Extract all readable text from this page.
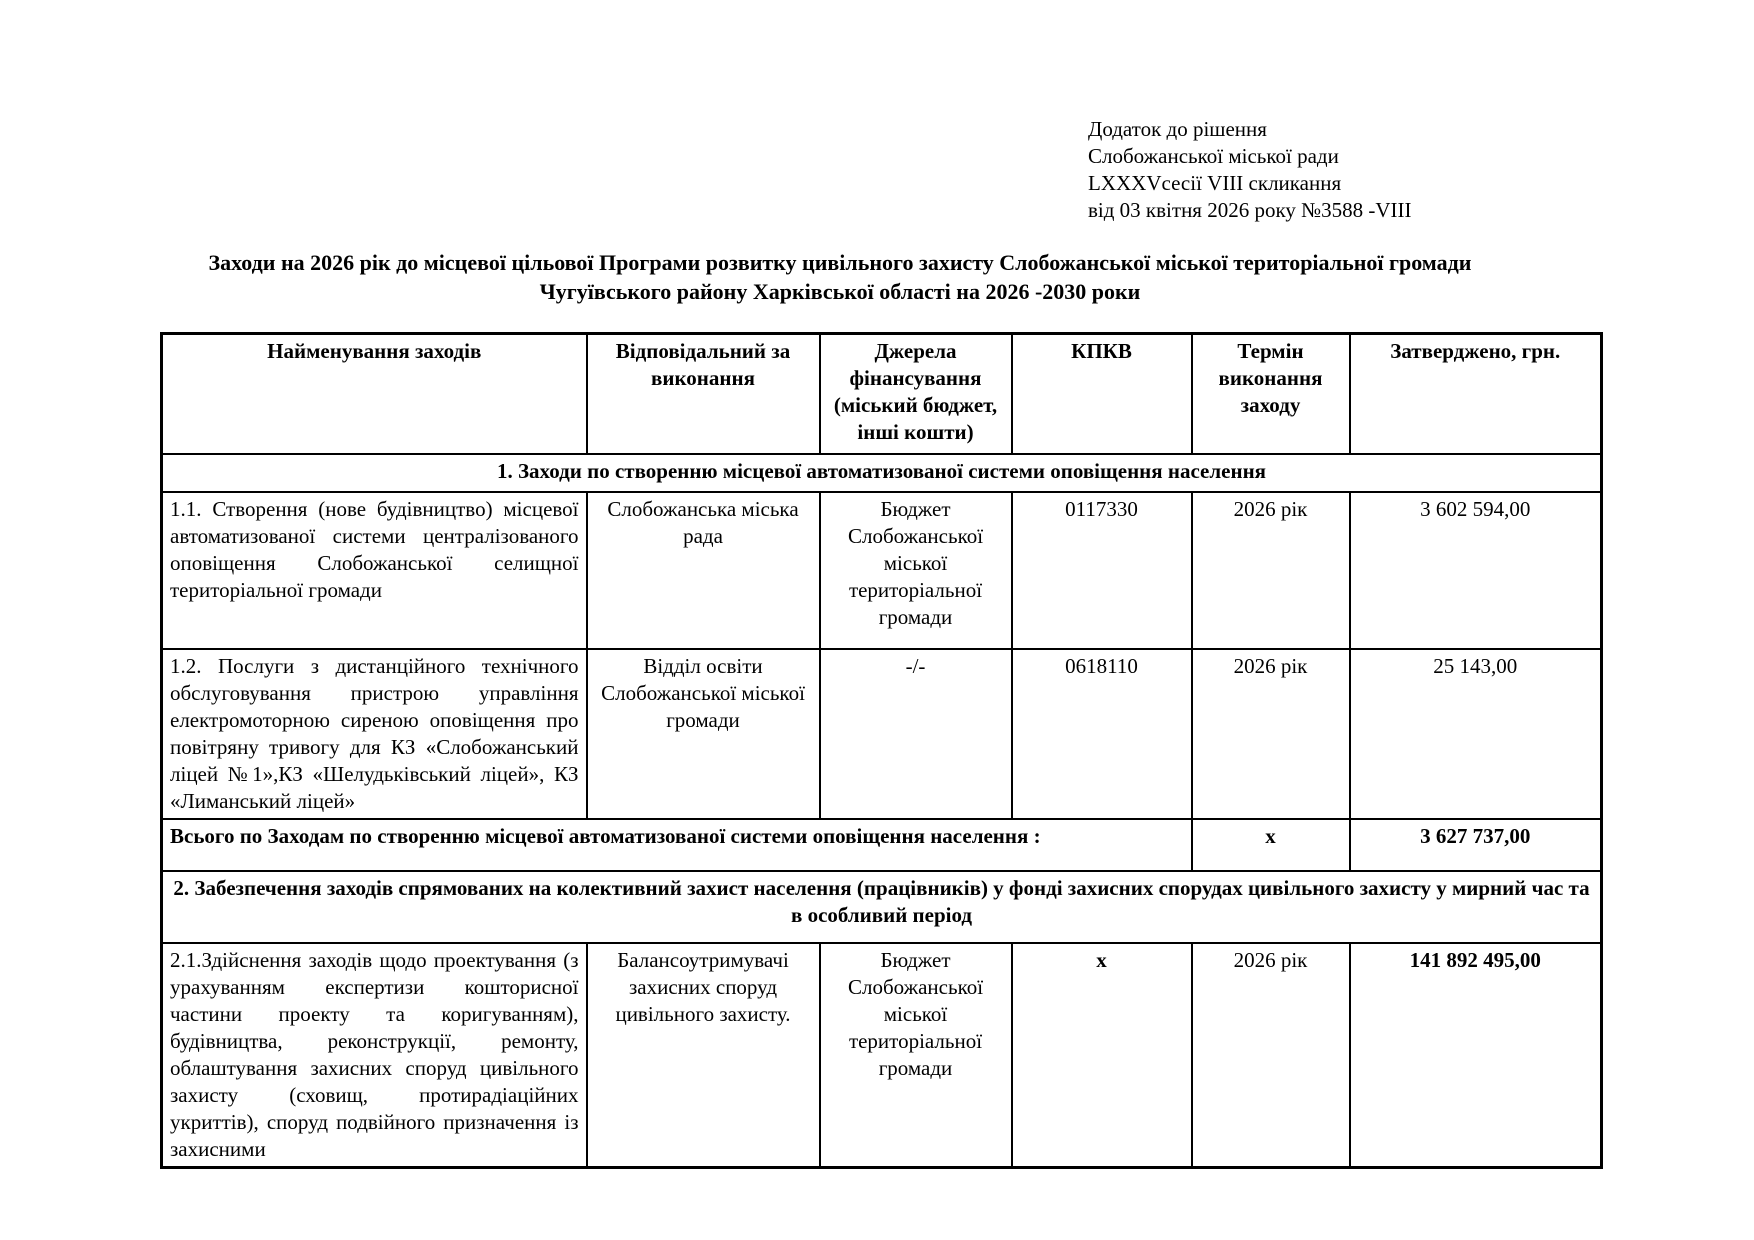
Додаток до рішення
Слобожанської міської ради
LXXXVсесії VIII скликання
від 03 квітня 2026 року №3588 -VIII
Заходи на 2026 рік до місцевої цільової Програми розвитку цивільного захисту Слобожанської міської територіальної громади
Чугуївського району Харківської області на 2026 -2030 роки
Найменування заходів	Відповідальний за виконання	Джерела фінансування (міський бюджет, інші кошти)	КПКВ	Термін виконання заходу	Затверджено, грн.
1. Заходи по створенню місцевої автоматизованої системи оповіщення населення					
1.1. Створення (нове будівництво) місцевої автоматизованої системи централізованого оповіщення Слобожанської селищної територіальної громади	Слобожанська міська рада	Бюджет Слобожанської міської територіальної громади	0117330	2026 рік	3 602 594,00
1.2. Послуги з дистанційного технічного обслуговування пристрою управління електромоторною сиреною оповіщення про повітряну тривогу для КЗ «Слобожанський ліцей №1»,КЗ «Шелудьківський ліцей», КЗ «Лиманський ліцей»	Відділ освіти Слобожанської міської громади	-/-	0618110	2026 рік	25 143,00
Всього по Заходам по створенню місцевої автоматизованої системи оповіщення населення :				x	3 627 737,00
2. Забезпечення заходів спрямованих на колективний захист населення (працівників) у фонді захисних спорудах цивільного захисту у мирний час та в особливий період					
2.1.Здійснення заходів щодо проектування (з урахуванням експертизи кошторисної частини проекту та коригуванням), будівництва, реконструкції, ремонту, облаштування захисних споруд цивільного захисту (сховищ, протирадіаційних укриттів), споруд подвійного призначення із захисними	Балансоутримувачі захисних споруд цивільного захисту.	Бюджет Слобожанської міської територіальної громади	x	2026 рік	141 892 495,00
